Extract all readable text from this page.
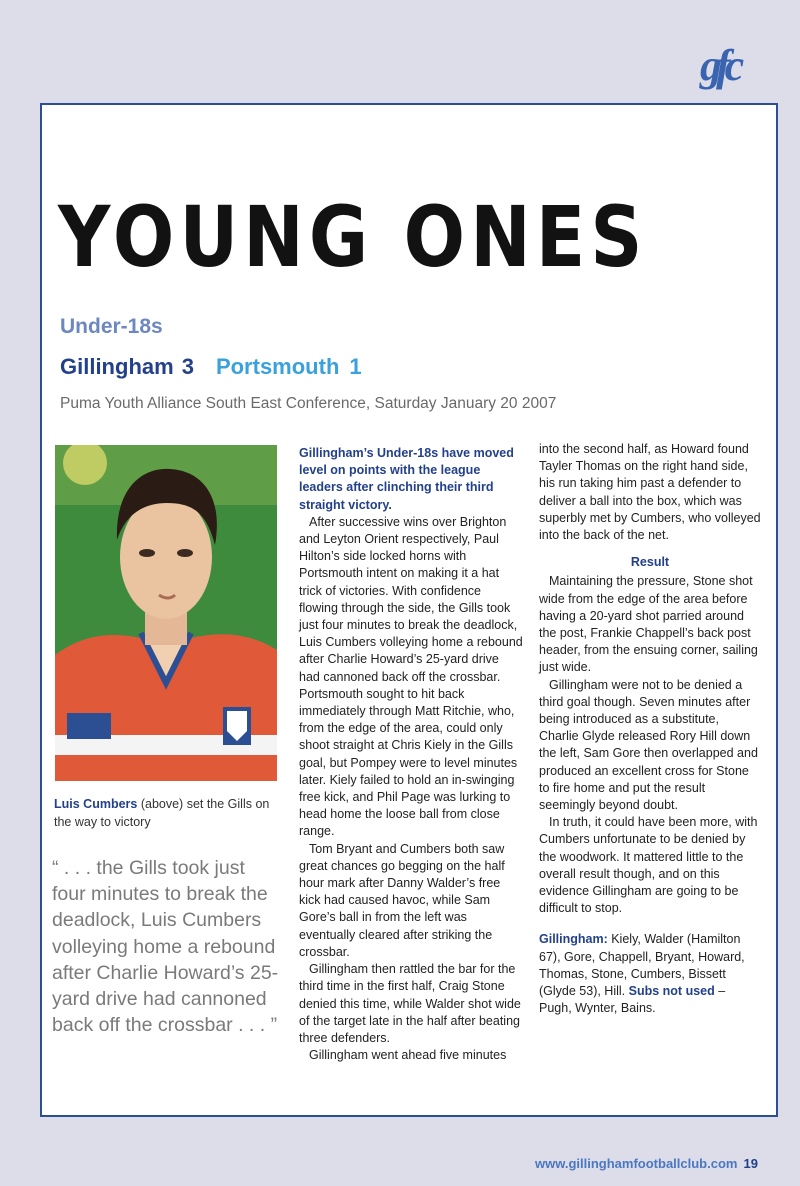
gfc
YOUNG ONES
Under-18s
Gillingham 3 Portsmouth 1
Puma Youth Alliance South East Conference, Saturday January 20 2007
Luis Cumbers (above) set the Gills on the way to victory
“ . . . the Gills took just four minutes to break the deadlock, Luis Cumbers volleying home a rebound after Charlie Howard’s 25-yard drive had cannoned back off the crossbar . . . ”

Gillingham’s Under-18s have moved level on points with the league leaders after clinching their third straight victory.

After successive wins over Brighton and Leyton Orient respectively, Paul Hilton’s side locked horns with Portsmouth intent on making it a hat trick of victories. With confidence flowing through the side, the Gills took just four minutes to break the deadlock, Luis Cumbers volleying home a rebound after Charlie Howard’s 25-yard drive had cannoned back off the crossbar. Portsmouth sought to hit back immediately through Matt Ritchie, who, from the edge of the area, could only shoot straight at Chris Kiely in the Gills goal, but Pompey were to level minutes later. Kiely failed to hold an in-swinging free kick, and Phil Page was lurking to head home the loose ball from close range.

Tom Bryant and Cumbers both saw great chances go begging on the half hour mark after Danny Walder’s free kick had caused havoc, while Sam Gore’s ball in from the left was eventually cleared after striking the crossbar.

Gillingham then rattled the bar for the third time in the first half, Craig Stone denied this time, while Walder shot wide of the target late in the half after beating three defenders.

Gillingham went ahead five minutes

into the second half, as Howard found Tayler Thomas on the right hand side, his run taking him past a defender to deliver a ball into the box, which was superbly met by Cumbers, who volleyed into the back of the net.

Result

Maintaining the pressure, Stone shot wide from the edge of the area before having a 20-yard shot parried around the post, Frankie Chappell’s back post header, from the ensuing corner, sailing just wide.

Gillingham were not to be denied a third goal though. Seven minutes after being introduced as a substitute, Charlie Glyde released Rory Hill down the left, Sam Gore then overlapped and produced an excellent cross for Stone to fire home and put the result seemingly beyond doubt.

In truth, it could have been more, with Cumbers unfortunate to be denied by the woodwork. It mattered little to the overall result though, and on this evidence Gillingham are going to be difficult to stop.

Gillingham: Kiely, Walder (Hamilton 67), Gore, Chappell, Bryant, Howard, Thomas, Stone, Cumbers, Bissett (Glyde 53), Hill. Subs not used – Pugh, Wynter, Bains.

www.gillinghamfootballclub.com 19
